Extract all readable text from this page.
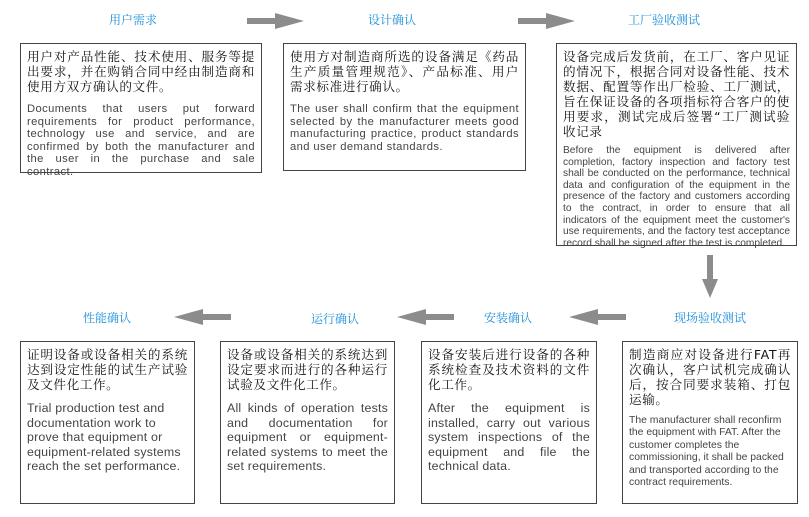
用户需求	设计确认	工厂验收测试
用户对产品性能、技术使用、服务等提出要求，并在购销合同中经由制造商和使用方双方确认的文件。
Documents that users put forward requirements for product performance, technology use and service, and are confirmed by both the manufacturer and the user in the purchase and sale contract.
使用方对制造商所选的设备满足《药品生产质量管理规范》、产品标准、用户需求标准进行确认。
The user shall confirm that the equipment selected by the manufacturer meets good manufacturing practice, product standards and user demand standards.
设备完成后发货前，在工厂、客户见证的情况下，根据合同对设备性能、技术数据、配置等作出厂检验、工厂测试，旨在保证设备的各项指标符合客户的使用要求，测试完成后签署“工厂测试验收记录
Before the equipment is delivered after completion, factory inspection and factory test shall be conducted on the performance, technical data and configuration of the equipment in the presence of the factory and customers according to the contract, in order to ensure that all indicators of the equipment meet the customer's use requirements, and the factory test acceptance record shall be signed after the test is completed.
性能确认	运行确认	安装确认	现场验收测试
证明设备或设备相关的系统达到设定性能的试生产试验及文件化工作。
Trial production test and documentation work to prove that equipment or equipment-related systems reach the set performance.
设备或设备相关的系统达到设定要求而进行的各种运行试验及文件化工作。
All kinds of operation tests and documentation for equipment or equipment-related systems to meet the set requirements.
设备安装后进行设备的各种系统检查及技术资料的文件化工作。
After the equipment is installed, carry out various system inspections of the equipment and file the technical data.
制造商应对设备进行FAT再次确认，客户试机完成确认后，按合同要求装箱、打包运输。
The manufacturer shall reconfirm the equipment with FAT. After the customer completes the commissioning, it shall be packed and transported according to the contract requirements.
